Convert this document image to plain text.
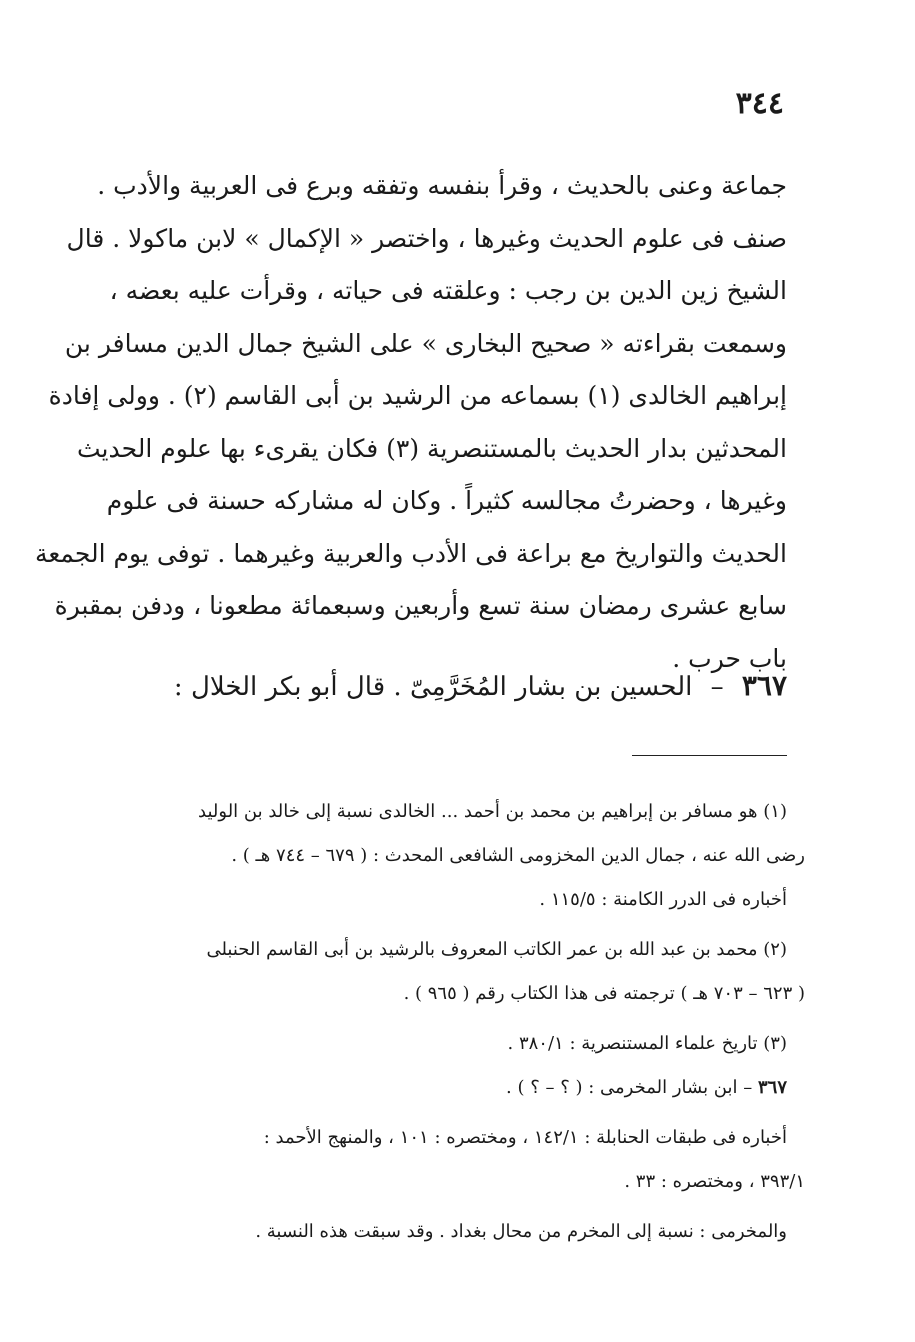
٣٤٤
جماعة وعنى بالحديث ، وقرأ بنفسه وتفقه وبرع فى العربية والأدب .
صنف فى علوم الحديث وغيرها ، واختصر « الإكمال » لابن ماكولا . قال
الشيخ زين الدين بن رجب : وعلقته فى حياته ، وقرأت عليه بعضه ،
وسمعت بقراءته « صحيح البخارى » على الشيخ جمال الدين مسافر بن
إبراهيم الخالدى (١) بسماعه من الرشيد بن أبى القاسم (٢) . وولى إفادة
المحدثين بدار الحديث بالمستنصرية (٣) فكان يقرىء بها علوم الحديث
وغيرها ، وحضرتُ مجالسه كثيراً . وكان له مشاركه حسنة فى علوم
الحديث والتواريخ مع براعة فى الأدب والعربية وغيرهما . توفى يوم الجمعة
سابع عشرى رمضان سنة تسع وأربعين وسبعمائة مطعونا ، ودفن بمقبرة
باب حرب .
٣٦٧ – الحسين بن بشار المُخَرَّمِىّ . قال أبو بكر الخلال :
(١) هو مسافر بن إبراهيم بن محمد بن أحمد ... الخالدى نسبة إلى خالد بن الوليد
رضى الله عنه ، جمال الدين المخزومى الشافعى المحدث : ( ٦٧٩ – ٧٤٤ هـ ) .
أخباره فى الدرر الكامنة : ١١٥/٥ .
(٢) محمد بن عبد الله بن عمر الكاتب المعروف بالرشيد بن أبى القاسم الحنبلى
( ٦٢٣ – ٧٠٣ هـ ) ترجمته فى هذا الكتاب رقم ( ٩٦٥ ) .
(٣) تاريخ علماء المستنصرية : ٣٨٠/١ .
٣٦٧ – ابن بشار المخرمى : ( ؟ – ؟ ) .
أخباره فى طبقات الحنابلة : ١٤٢/١ ، ومختصره : ١٠١ ، والمنهج الأحمد :
٣٩٣/١ ، ومختصره : ٣٣ .
والمخرمى : نسبة إلى المخرم من محال بغداد . وقد سبقت هذه النسبة .
